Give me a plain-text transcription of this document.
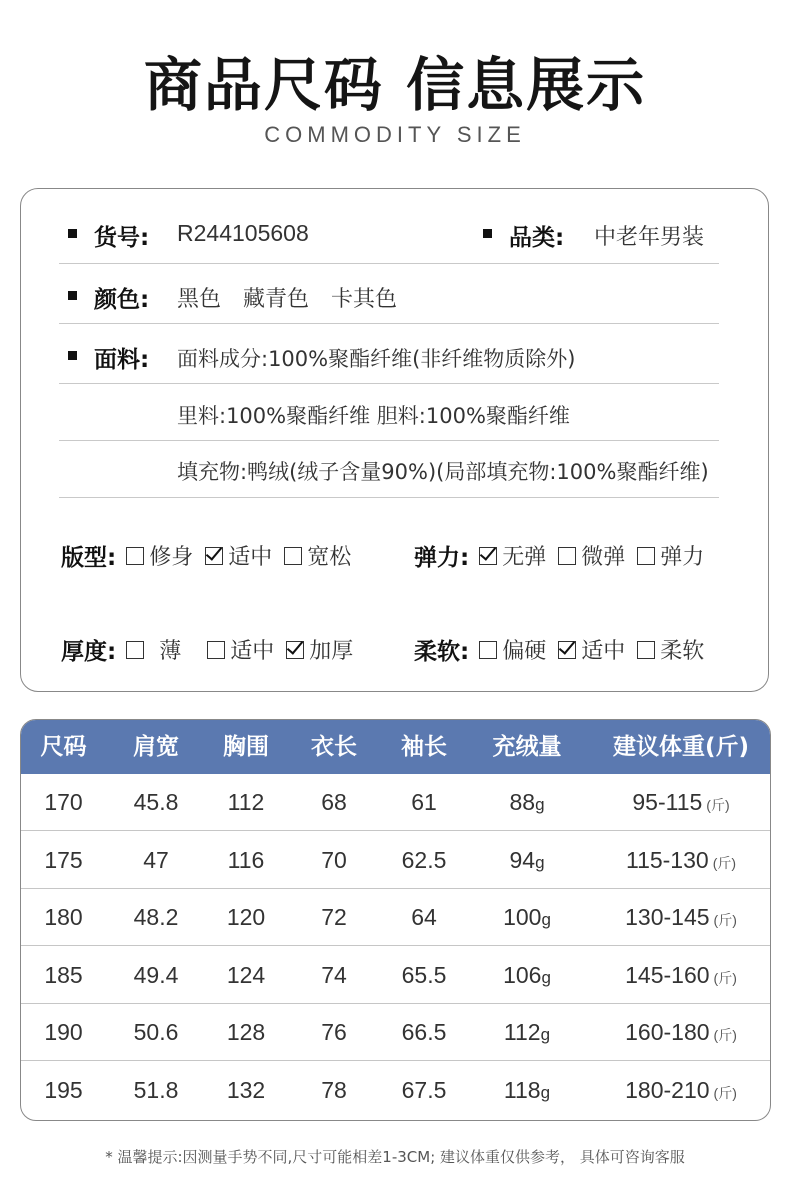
商品尺码 信息展示
COMMODITY SIZE
货号: R244105608	品类: 中老年男装
颜色: 黑色　藏青色　卡其色
面料: 面料成分:100%聚酯纤维(非纤维物质除外)
里料:100%聚酯纤维 胆料:100%聚酯纤维
填充物:鸭绒(绒子含量90%)(局部填充物:100%聚酯纤维)
版型: 修身 适中 宽松	弹力: 无弹 微弹 弹力
厚度: 薄 适中 加厚	柔软: 偏硬 适中 柔软
尺码	肩宽	胸围	衣长	袖长	充绒量	建议体重(斤)
170	45.8	112	68	61	88g	95-115 (斤)
175	47	116	70	62.5	94g	115-130 (斤)
180	48.2	120	72	64	100g	130-145 (斤)
185	49.4	124	74	65.5	106g	145-160 (斤)
190	50.6	128	76	66.5	112g	160-180 (斤)
195	51.8	132	78	67.5	118g	180-210 (斤)
* 温馨提示:因测量手势不同,尺寸可能相差1-3CM; 建议体重仅供参考， 具体可咨询客服
